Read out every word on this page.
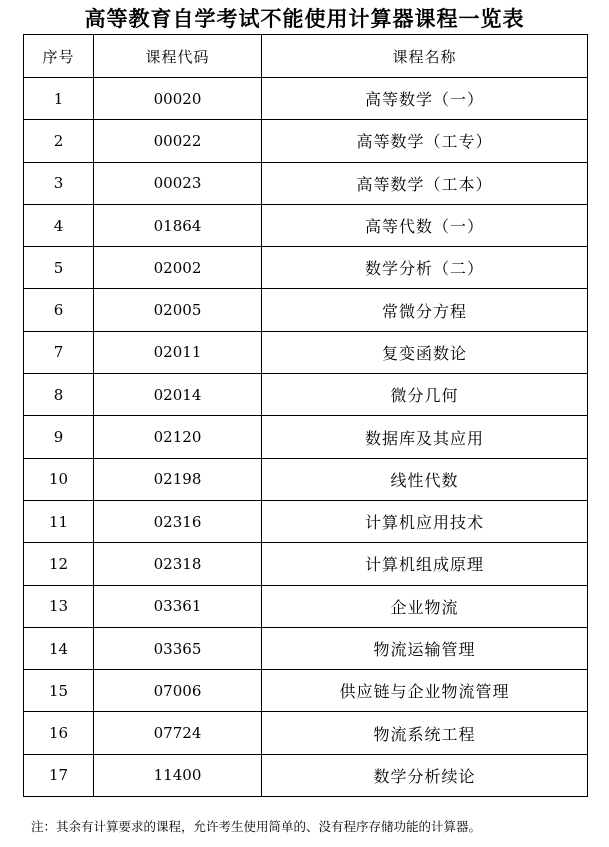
高等教育自学考试不能使用计算器课程一览表
序号	课程代码	课程名称
1	00020	高等数学（一）
2	00022	高等数学（工专）
3	00023	高等数学（工本）
4	01864	高等代数（一）
5	02002	数学分析（二）
6	02005	常微分方程
7	02011	复变函数论
8	02014	微分几何
9	02120	数据库及其应用
10	02198	线性代数
11	02316	计算机应用技术
12	02318	计算机组成原理
13	03361	企业物流
14	03365	物流运输管理
15	07006	供应链与企业物流管理
16	07724	物流系统工程
17	11400	数学分析续论
注：其余有计算要求的课程，允许考生使用简单的、没有程序存储功能的计算器。
